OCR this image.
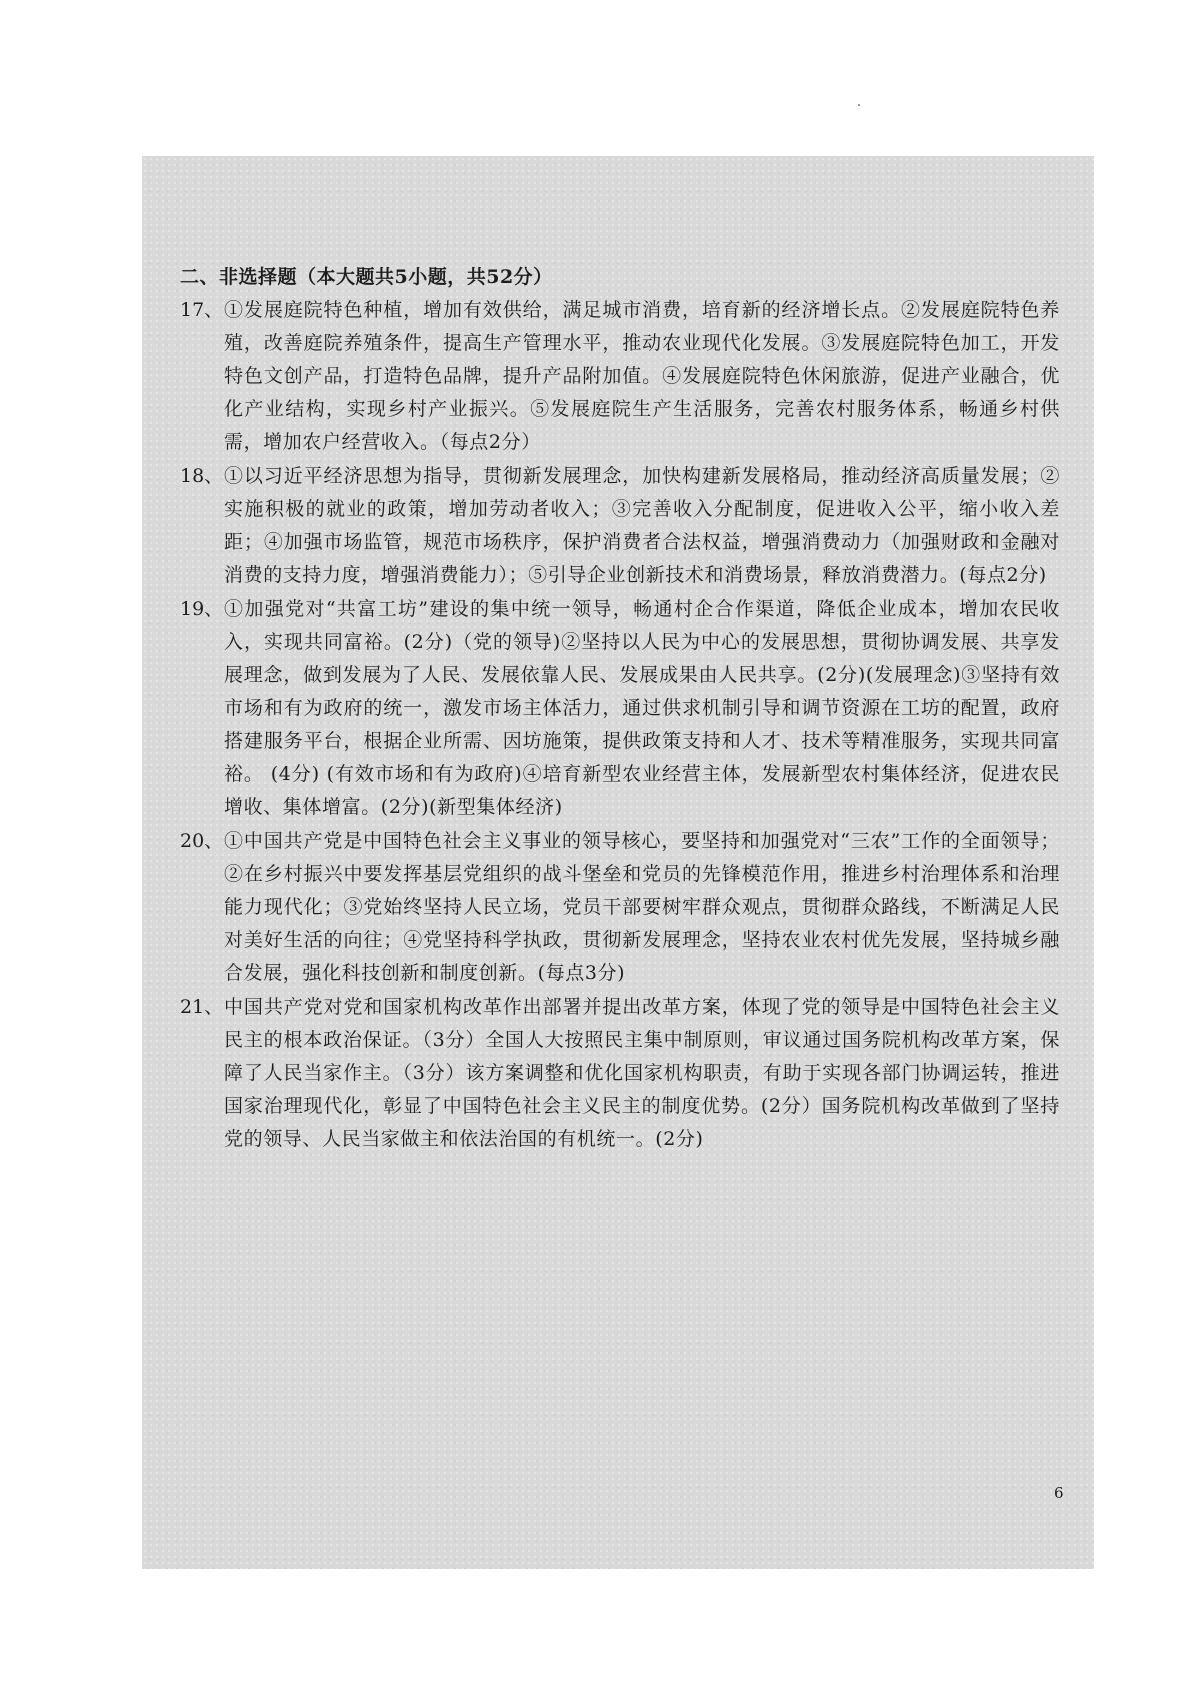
二、非选择题（本大题共5小题，共52分）
17、 ①发展庭院特色种植，增加有效供给，满足城市消费，培育新的经济增长点。②发展庭院特色养殖，改善庭院养殖条件，提高生产管理水平，推动农业现代化发展。③发展庭院特色加工，开发特色文创产品，打造特色品牌，提升产品附加值。④发展庭院特色休闲旅游，促进产业融合，优化产业结构，实现乡村产业振兴。⑤发展庭院生产生活服务，完善农村服务体系，畅通乡村供需，增加农户经营收入。（每点2分）
18、 ①以习近平经济思想为指导，贯彻新发展理念，加快构建新发展格局，推动经济高质量发展；②实施积极的就业的政策，增加劳动者收入；③完善收入分配制度，促进收入公平，缩小收入差距；④加强市场监管，规范市场秩序，保护消费者合法权益，增强消费动力（加强财政和金融对消费的支持力度，增强消费能力）；⑤引导企业创新技术和消费场景，释放消费潜力。(每点2分)
19、 ①加强党对“共富工坊”建设的集中统一领导，畅通村企合作渠道，降低企业成本，增加农民收入，实现共同富裕。(2分)（党的领导)②坚持以人民为中心的发展思想，贯彻协调发展、共享发展理念，做到发展为了人民、发展依靠人民、发展成果由人民共享。(2分)(发展理念)③坚持有效市场和有为政府的统一，激发市场主体活力，通过供求机制引导和调节资源在工坊的配置，政府搭建服务平台，根据企业所需、因坊施策，提供政策支持和人才、技术等精准服务，实现共同富裕。 (4分) (有效市场和有为政府)④培育新型农业经营主体，发展新型农村集体经济，促进农民增收、集体增富。(2分)(新型集体经济)
20、 ①中国共产党是中国特色社会主义事业的领导核心，要坚持和加强党对“三农”工作的全面领导；②在乡村振兴中要发挥基层党组织的战斗堡垒和党员的先锋模范作用，推进乡村治理体系和治理能力现代化；③党始终坚持人民立场，党员干部要树牢群众观点，贯彻群众路线，不断满足人民对美好生活的向往；④党坚持科学执政，贯彻新发展理念，坚持农业农村优先发展，坚持城乡融合发展，强化科技创新和制度创新。(每点3分)
21、 中国共产党对党和国家机构改革作出部署并提出改革方案，体现了党的领导是中国特色社会主义民主的根本政治保证。（3分）全国人大按照民主集中制原则，审议通过国务院机构改革方案，保障了人民当家作主。（3分）该方案调整和优化国家机构职责，有助于实现各部门协调运转，推进国家治理现代化，彰显了中国特色社会主义民主的制度优势。(2分）国务院机构改革做到了坚持党的领导、人民当家做主和依法治国的有机统一。(2分)
6
